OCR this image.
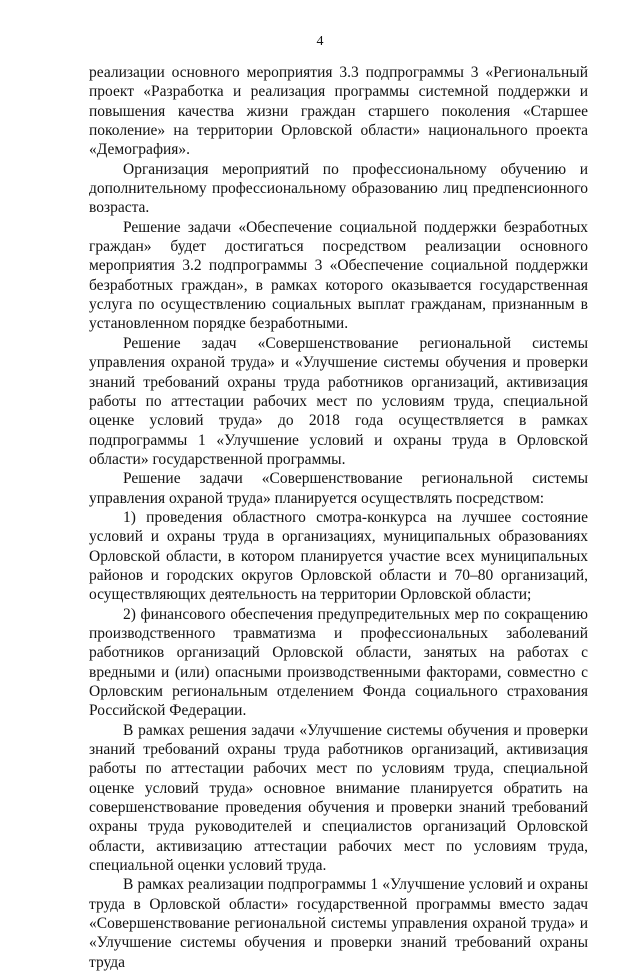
4

реализации основного мероприятия 3.3 подпрограммы 3 «Региональный проект «Разработка и реализация программы системной поддержки и повышения качества жизни граждан старшего поколения «Старшее поколение» на территории Орловской области» национального проекта «Демография».

Организация мероприятий по профессиональному обучению и дополнительному профессиональному образованию лиц предпенсионного возраста.

Решение задачи «Обеспечение социальной поддержки безработных граждан» будет достигаться посредством реализации основного мероприятия 3.2 подпрограммы 3 «Обеспечение социальной поддержки безработных граждан», в рамках которого оказывается государственная услуга по осуществлению социальных выплат гражданам, признанным в установленном порядке безработными.

Решение задач «Совершенствование региональной системы управления охраной труда» и «Улучшение системы обучения и проверки знаний требований охраны труда работников организаций, активизация работы по аттестации рабочих мест по условиям труда, специальной оценке условий труда» до 2018 года осуществляется в рамках подпрограммы 1 «Улучшение условий и охраны труда в Орловской области» государственной программы.

Решение задачи «Совершенствование региональной системы управления охраной труда» планируется осуществлять посредством:

1) проведения областного смотра-конкурса на лучшее состояние условий и охраны труда в организациях, муниципальных образованиях Орловской области, в котором планируется участие всех муниципальных районов и городских округов Орловской области и 70–80 организаций, осуществляющих деятельность на территории Орловской области;

2) финансового обеспечения предупредительных мер по сокращению производственного травматизма и профессиональных заболеваний работников организаций Орловской области, занятых на работах с вредными и (или) опасными производственными факторами, совместно с Орловским региональным отделением Фонда социального страхования Российской Федерации.

В рамках решения задачи «Улучшение системы обучения и проверки знаний требований охраны труда работников организаций, активизация работы по аттестации рабочих мест по условиям труда, специальной оценке условий труда» основное внимание планируется обратить на совершенствование проведения обучения и проверки знаний требований охраны труда руководителей и специалистов организаций Орловской области, активизацию аттестации рабочих мест по условиям труда, специальной оценки условий труда.

В рамках реализации подпрограммы 1 «Улучшение условий и охраны труда в Орловской области» государственной программы вместо задач «Совершенствование региональной системы управления охраной труда» и «Улучшение системы обучения и проверки знаний требований охраны труда
